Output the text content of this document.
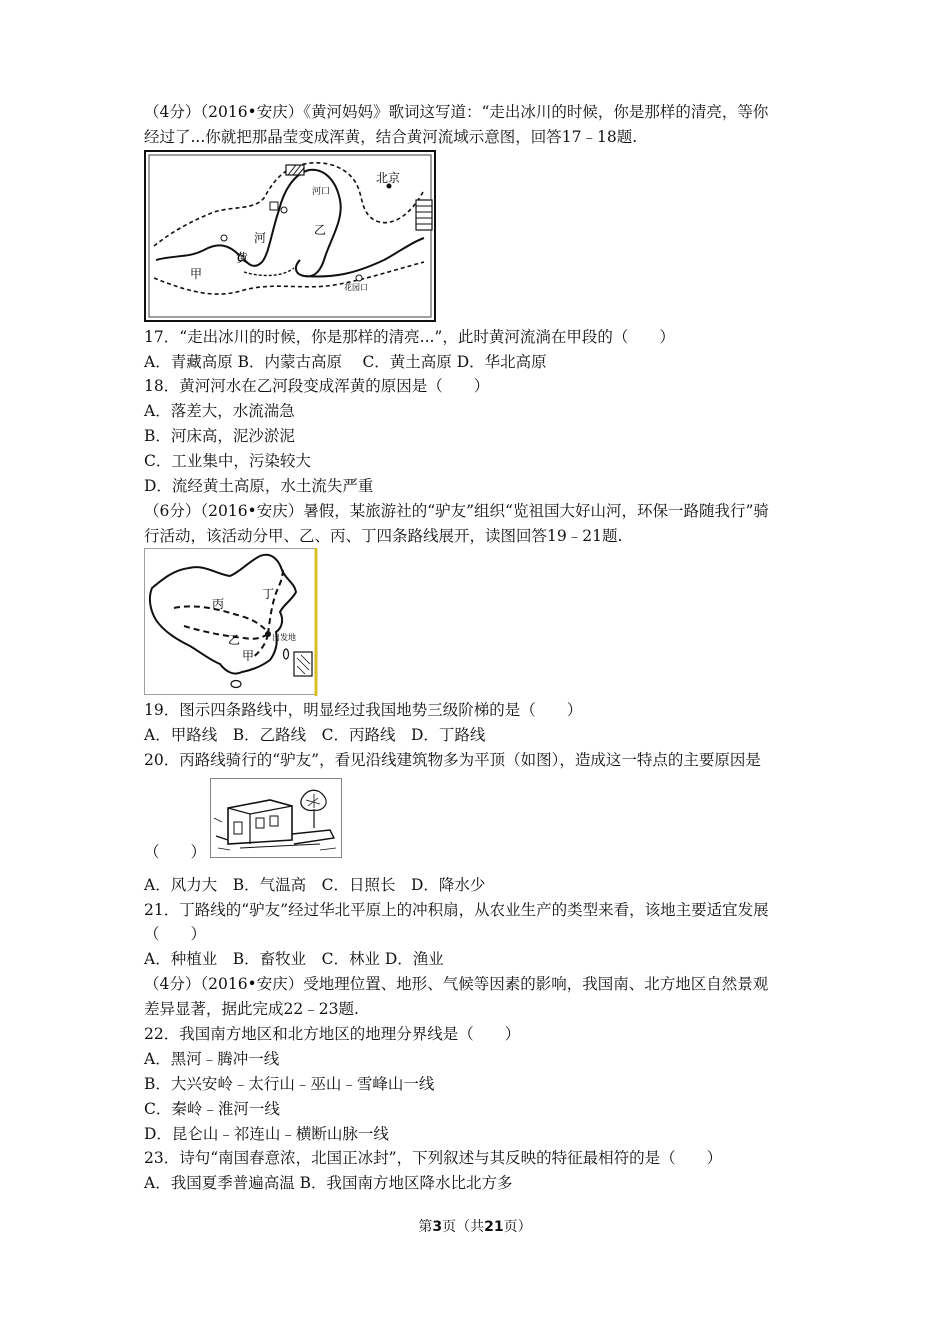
（4分）（2016•安庆）《黄河妈妈》歌词这写道：“走出冰川的时候，你是那样的清亮，等你
经过了...你就把那晶莹变成浑黄，结合黄河流域示意图，回答17﹣18题.
北京
河口
河
黄
甲
乙
花园口
17．“走出冰川的时候，你是那样的清亮...”，此时黄河流淌在甲段的（　　）
A．青藏高原 B．内蒙古高原　 C．黄土高原 D．华北高原
18．黄河河水在乙河段变成浑黄的原因是（　　）
A．落差大，水流湍急
B．河床高，泥沙淤泥
C．工业集中，污染较大
D．流经黄土高原，水土流失严重
（6分）（2016•安庆）暑假，某旅游社的“驴友”组织“览祖国大好山河，环保一路随我行”骑
行活动，该活动分甲、乙、丙、丁四条路线展开，读图回答19﹣21题.
丙
丁
乙
甲
出发地
19．图示四条路线中，明显经过我国地势三级阶梯的是（　　）
A．甲路线　B．乙路线　C．丙路线　D．丁路线
20．丙路线骑行的“驴友”，看见沿线建筑物多为平顶（如图），造成这一特点的主要原因是
（　　）
A．风力大　B．气温高　C．日照长　D．降水少
21．丁路线的“驴友”经过华北平原上的冲积扇，从农业生产的类型来看，该地主要适宜发展
（　　）
A．种植业　B．畜牧业　C．林业 D．渔业
（4分）（2016•安庆）受地理位置、地形、气候等因素的影响，我国南、北方地区自然景观
差异显著，据此完成22﹣23题.
22．我国南方地区和北方地区的地理分界线是（　　）
A．黑河﹣腾冲一线
B．大兴安岭﹣太行山﹣巫山﹣雪峰山一线
C．秦岭﹣淮河一线
D．昆仑山﹣祁连山﹣横断山脉一线
23．诗句“南国春意浓，北国正冰封”，下列叙述与其反映的特征最相符的是（　　）
A．我国夏季普遍高温 B．我国南方地区降水比北方多
第3页（共21页）
